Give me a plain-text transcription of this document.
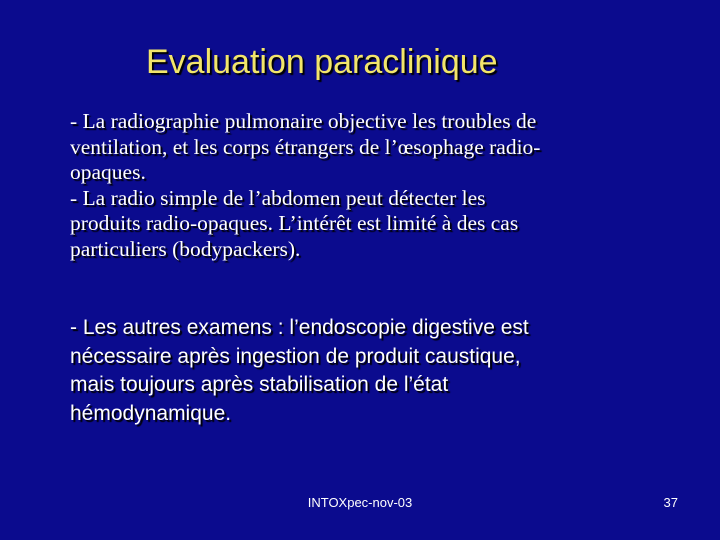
Evaluation paraclinique
- La radiographie pulmonaire objective les troubles de
ventilation, et les corps étrangers de l’œsophage radio-
opaques.
- La radio simple de l’abdomen peut détecter les
produits radio-opaques. L’intérêt est limité à des cas
particuliers (bodypackers).
- Les autres examens : l’endoscopie digestive est
nécessaire après ingestion de produit caustique,
mais toujours après stabilisation de l’état
hémodynamique.
INTOXpec-nov-03	37
